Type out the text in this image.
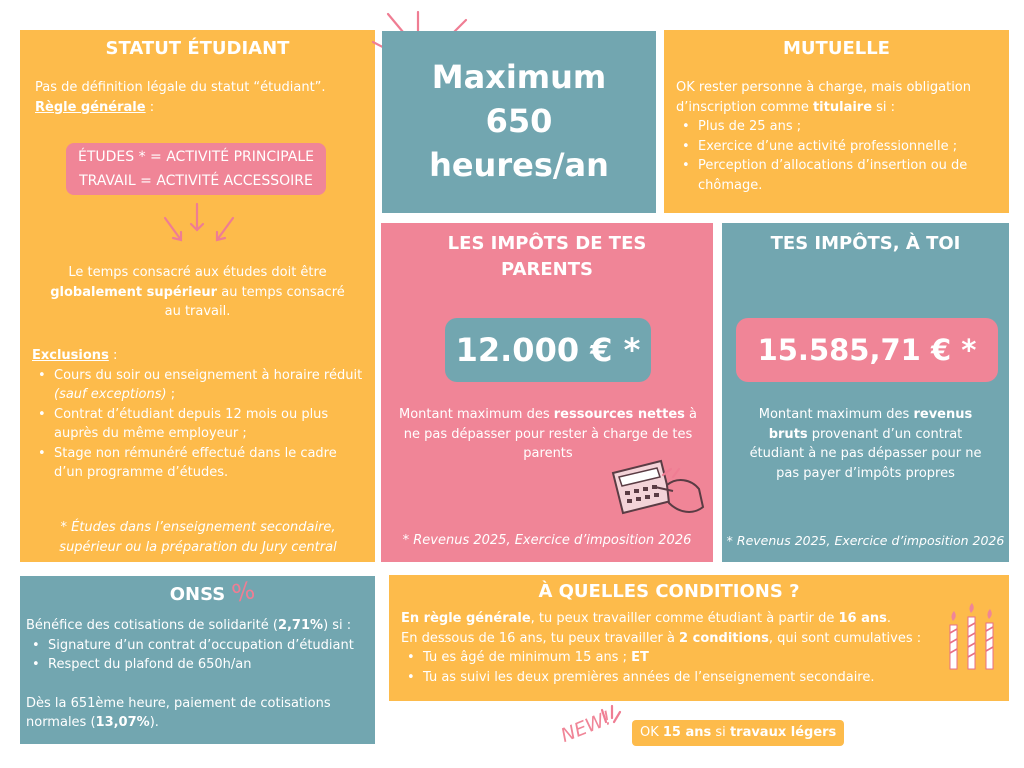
STATUT ÉTUDIANT
Pas de définition légale du statut “étudiant”.
Règle générale :
ÉTUDES * = ACTIVITÉ PRINCIPALE
TRAVAIL = ACTIVITÉ ACCESSOIRE
Le temps consacré aux études doit être globalement supérieur au temps consacré au travail.
Exclusions :
• Cours du soir ou enseignement à horaire réduit (sauf exceptions) ;
• Contrat d’étudiant depuis 12 mois ou plus auprès du même employeur ;
• Stage non rémunéré effectué dans le cadre d’un programme d’études.
* Études dans l’enseignement secondaire, supérieur ou la préparation du Jury central
Maximum
650
heures/an
MUTUELLE
OK rester personne à charge, mais obligation d’inscription comme titulaire si :
• Plus de 25 ans ;
• Exercice d’une activité professionnelle ;
• Perception d’allocations d’insertion ou de chômage.
LES IMPÔTS DE TES PARENTS
12.000 € *
Montant maximum des ressources nettes à ne pas dépasser pour rester à charge de tes parents
* Revenus 2025, Exercice d’imposition 2026
TES IMPÔTS, À TOI
15.585,71 € *
Montant maximum des revenus bruts provenant d’un contrat étudiant à ne pas dépasser pour ne pas payer d’impôts propres
* Revenus 2025, Exercice d’imposition 2026
ONSS %
Bénéfice des cotisations de solidarité (2,71%) si :
• Signature d’un contrat d’occupation d’étudiant
• Respect du plafond de 650h/an
Dès la 651ème heure, paiement de cotisations normales (13,07%).
À QUELLES CONDITIONS ?
En règle générale, tu peux travailler comme étudiant à partir de 16 ans.
En dessous de 16 ans, tu peux travailler à 2 conditions, qui sont cumulatives :
• Tu es âgé de minimum 15 ans ; ET
• Tu as suivi les deux premières années de l’enseignement secondaire.
NEW!	OK 15 ans si travaux légers
